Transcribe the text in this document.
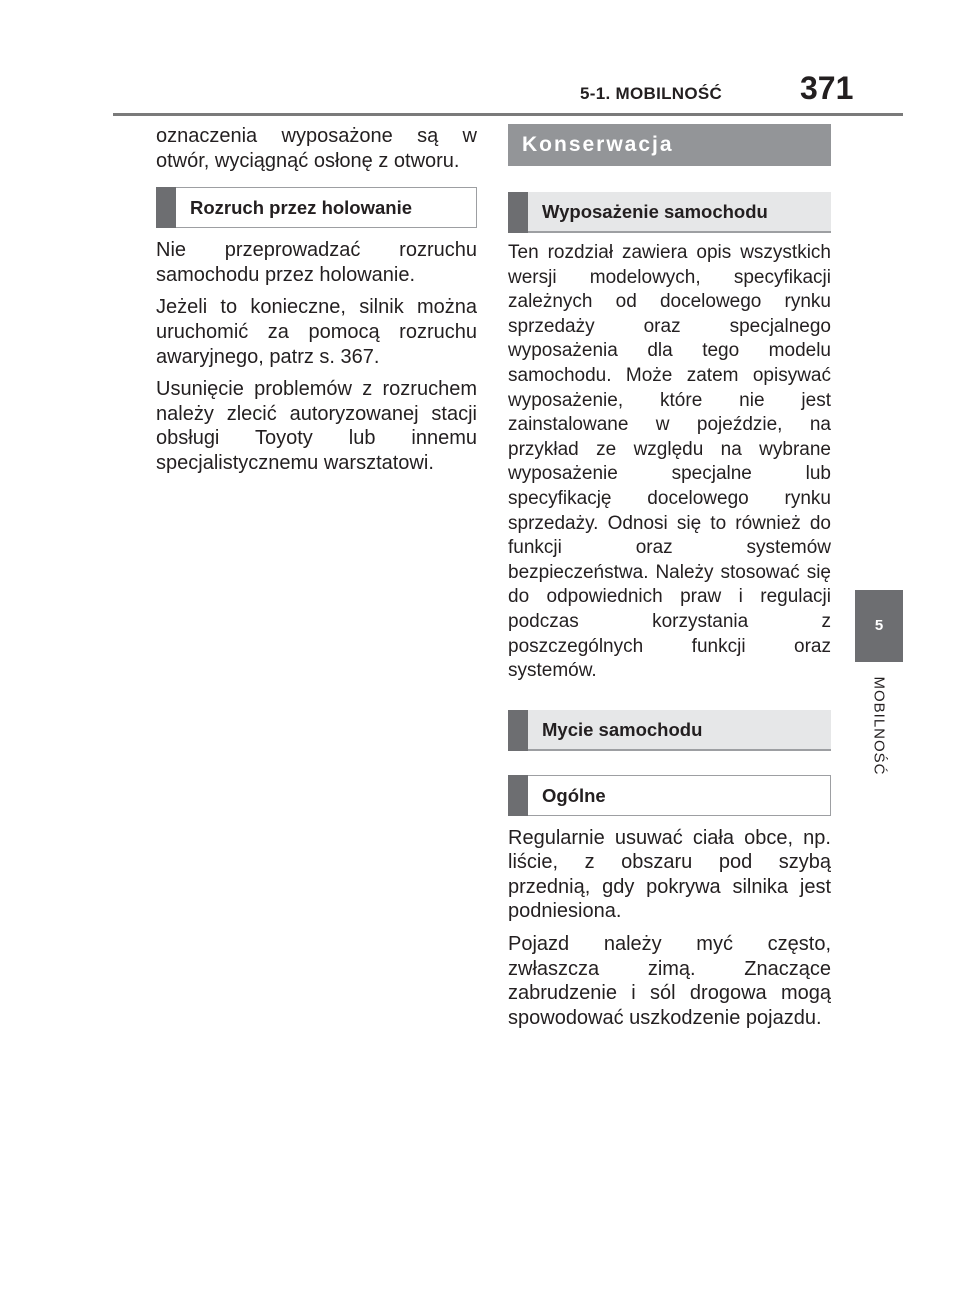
5-1. MOBILNOŚĆ 371
5
MOBILNOŚĆ

oznaczenia wyposażone są w otwór, wyciągnąć osłonę z otworu.

Rozruch przez holowanie

Nie przeprowadzać rozruchu samochodu przez holowanie.

Jeżeli to konieczne, silnik można uruchomić za pomocą rozruchu awaryjnego, patrz s. 367.

Usunięcie problemów z rozruchem należy zlecić autoryzowanej stacji obsługi Toyoty lub innemu specjalistycznemu warsztatowi.

Konserwacja
Wyposażenie samochodu

Ten rozdział zawiera opis wszystkich wersji modelowych, specyfikacji zależnych od docelowego rynku sprzedaży oraz specjalnego wyposażenia dla tego modelu samochodu. Może zatem opisywać wyposażenie, które nie jest zainstalowane w pojeździe, na przykład ze względu na wybrane wyposażenie specjalne lub specyfikację docelowego rynku sprzedaży. Odnosi się to również do funkcji oraz systemów bezpieczeństwa. Należy stosować się do odpowiednich praw i regulacji podczas korzystania z poszczególnych funkcji oraz systemów.

Mycie samochodu
Ogólne

Regularnie usuwać ciała obce, np. liście, z obszaru pod szybą przednią, gdy pokrywa silnika jest podniesiona.

Pojazd należy myć często, zwłaszcza zimą. Znaczące zabrudzenie i sól drogowa mogą spowodować uszkodzenie pojazdu.
